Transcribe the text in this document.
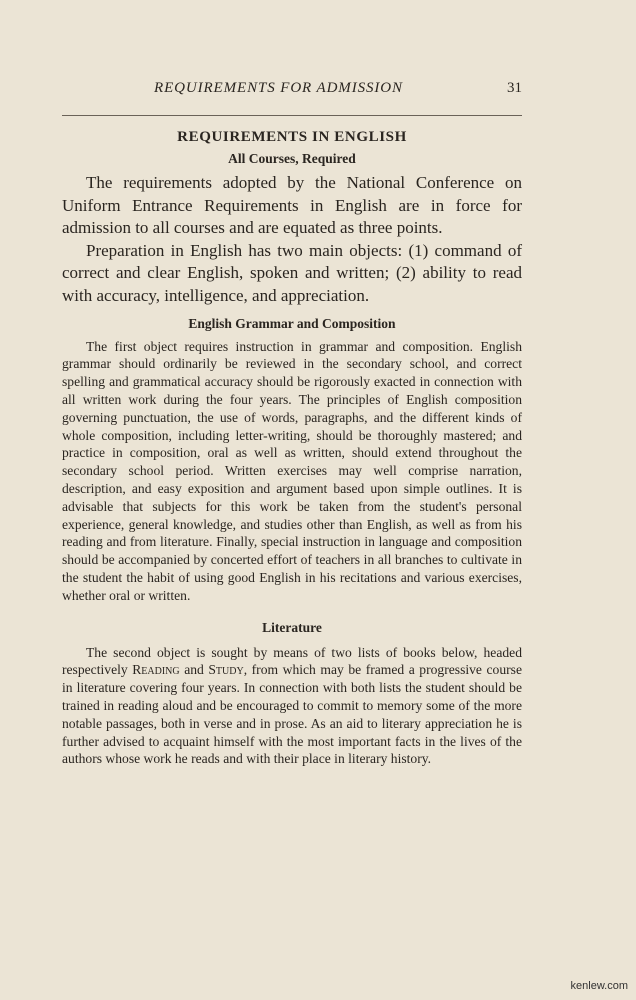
REQUIREMENTS FOR ADMISSION	31
REQUIREMENTS IN ENGLISH
All Courses, Required

The requirements adopted by the National Conference on Uniform Entrance Requirements in English are in force for admission to all courses and are equated as three points.

Preparation in English has two main objects: (1) command of correct and clear English, spoken and written; (2) ability to read with accuracy, intelligence, and appreciation.

English Grammar and Composition

The first object requires instruction in grammar and composition. English grammar should ordinarily be reviewed in the secondary school, and correct spelling and grammatical accuracy should be rigorously exacted in connection with all written work during the four years. The principles of English composition governing punctuation, the use of words, paragraphs, and the different kinds of whole composition, including letter-writing, should be thoroughly mastered; and practice in composition, oral as well as written, should extend throughout the secondary school period. Written exercises may well comprise narration, description, and easy exposition and argument based upon simple outlines. It is advisable that subjects for this work be taken from the student's personal experience, general knowledge, and studies other than English, as well as from his reading and from literature. Finally, special instruction in language and composition should be accompanied by concerted effort of teachers in all branches to cultivate in the student the habit of using good English in his recitations and various exercises, whether oral or written.

Literature

The second object is sought by means of two lists of books below, headed respectively Reading and Study, from which may be framed a progressive course in literature covering four years. In connection with both lists the student should be trained in reading aloud and be encouraged to commit to memory some of the more notable passages, both in verse and in prose. As an aid to literary appreciation he is further advised to acquaint himself with the most important facts in the lives of the authors whose work he reads and with their place in literary history.

kenlew.com
